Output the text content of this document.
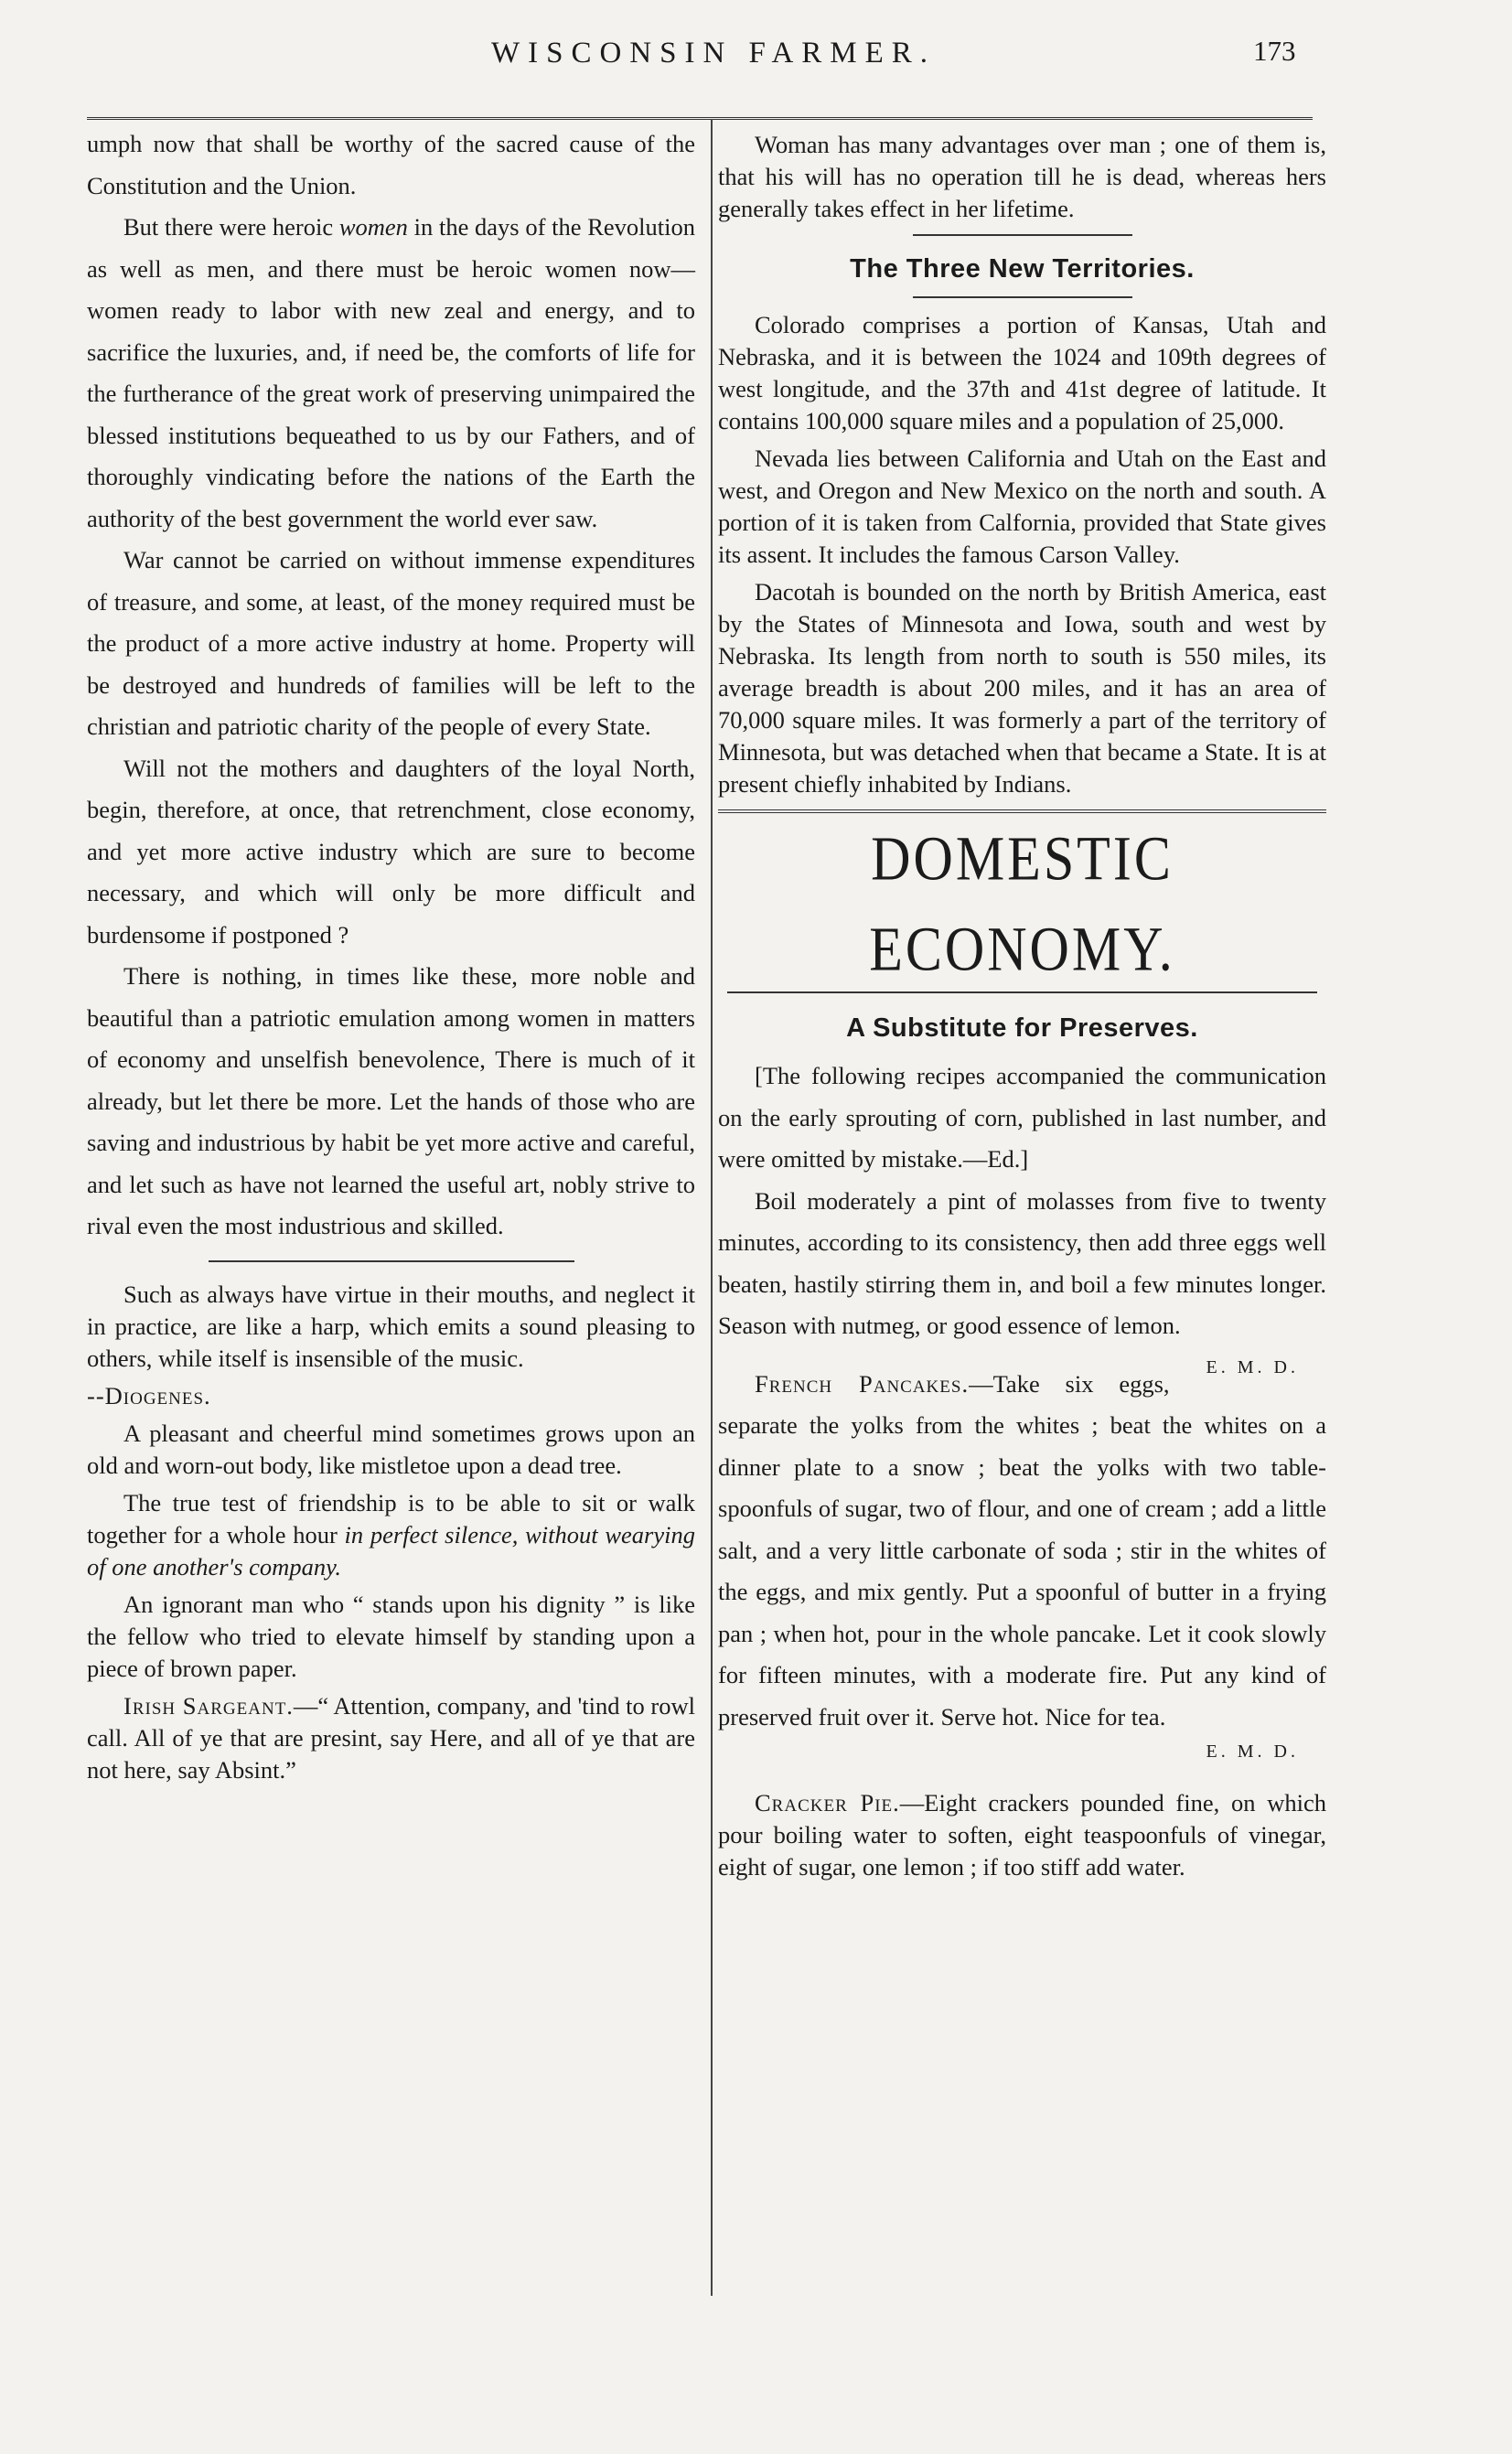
WISCONSIN FARMER.	173

umph now that shall be worthy of the sacred cause of the Constitution and the Union.

But there were heroic women in the days of the Revolution as well as men, and there must be heroic women now—women ready to labor with new zeal and energy, and to sacrifice the luxuries, and, if need be, the comforts of life for the furtherance of the great work of preserving unimpaired the blessed institutions bequeathed to us by our Fathers, and of thoroughly vindicating before the nations of the Earth the authority of the best government the world ever saw.

War cannot be carried on without immense expenditures of treasure, and some, at least, of the money required must be the product of a more active industry at home. Property will be destroyed and hundreds of families will be left to the christian and patriotic charity of the people of every State.

Will not the mothers and daughters of the loyal North, begin, therefore, at once, that retrenchment, close economy, and yet more active industry which are sure to become necessary, and which will only be more difficult and burdensome if postponed ?

There is nothing, in times like these, more noble and beautiful than a patriotic emulation among women in matters of economy and unselfish benevolence, There is much of it already, but let there be more. Let the hands of those who are saving and industrious by habit be yet more active and careful, and let such as have not learned the useful art, nobly strive to rival even the most industrious and skilled.

Such as always have virtue in their mouths, and neglect it in practice, are like a harp, which emits a sound pleasing to others, while itself is insensible of the music.

--Diogenes.

A pleasant and cheerful mind sometimes grows upon an old and worn-out body, like mistletoe upon a dead tree.

The true test of friendship is to be able to sit or walk together for a whole hour in perfect silence, without wearying of one another's company.

An ignorant man who “ stands upon his dignity ” is like the fellow who tried to elevate himself by standing upon a piece of brown paper.

Irish Sargeant.—“ Attention, company, and 'tind to rowl call. All of ye that are presint, say Here, and all of ye that are not here, say Absint.”

Woman has many advantages over man ; one of them is, that his will has no operation till he is dead, whereas hers generally takes effect in her lifetime.

The Three New Territories.

Colorado comprises a portion of Kansas, Utah and Nebraska, and it is between the 1024 and 109th degrees of west longitude, and the 37th and 41st degree of latitude. It contains 100,000 square miles and a population of 25,000.

Nevada lies between California and Utah on the East and west, and Oregon and New Mexico on the north and south. A portion of it is taken from Calfornia, provided that State gives its assent. It includes the famous Carson Valley.

Dacotah is bounded on the north by British America, east by the States of Minnesota and Iowa, south and west by Nebraska. Its length from north to south is 550 miles, its average breadth is about 200 miles, and it has an area of 70,000 square miles. It was formerly a part of the territory of Minnesota, but was detached when that became a State. It is at present chiefly inhabited by Indians.

DOMESTIC ECONOMY.
A Substitute for Preserves.

[The following recipes accompanied the communication on the early sprouting of corn, published in last number, and were omitted by mistake.—Ed.]

Boil moderately a pint of molasses from five to twenty minutes, according to its consistency, then add three eggs well beaten, hastily stirring them in, and boil a few minutes longer. Season with nutmeg, or good essence of lemon.
E. M. D.

French Pancakes.—Take six eggs, separate the yolks from the whites ; beat the whites on a dinner plate to a snow ; beat the yolks with two table-spoonfuls of sugar, two of flour, and one of cream ; add a little salt, and a very little carbonate of soda ; stir in the whites of the eggs, and mix gently. Put a spoonful of butter in a frying pan ; when hot, pour in the whole pancake. Let it cook slowly for fifteen minutes, with a moderate fire. Put any kind of preserved fruit over it. Serve hot. Nice for tea.

E. M. D.

Cracker Pie.—Eight crackers pounded fine, on which pour boiling water to soften, eight teaspoonfuls of vinegar, eight of sugar, one lemon ; if too stiff add water.
